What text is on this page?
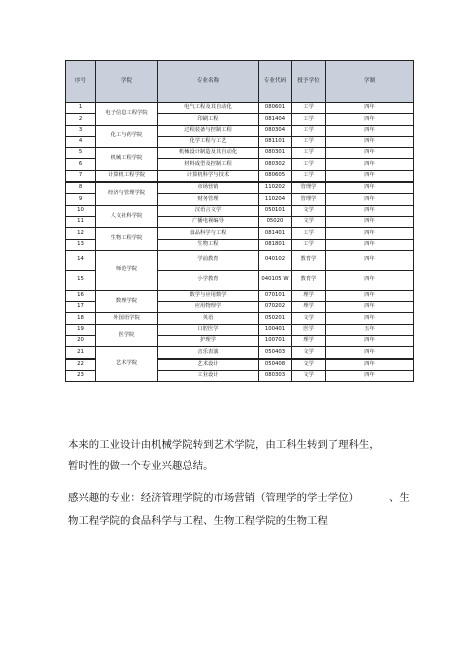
序号	学院	专业名称	专业代码	授予学位	学制
1	电子信息工程学院	电气工程及其自动化	080601	工学	四年
2		印刷工程	081404	工学	四年
3	化工与药学院	过程装备与控制工程	080304	工学	四年
4		化学工程与工艺	081101	工学	四年
5	机械工程学院	机械设计制造及其自动化	080301	工学	四年
6		材料成型及控制工程	080302	工学	四年
7	计算机工程学院	计算机科学与技术	080605	工学	四年
8	经济与管理学院	市场营销	110202	管理学	四年
9		财务管理	110204	管理学	四年
10	人文社科学院	汉语言文学	050101	文学	四年
11		广播电视编导	05020	文学	四年
12	生物工程学院	食品科学与工程	081401	工学	四年
13		生物工程	081801	工学	四年
14	师范学院	学前教育	040102	教育学	四年
15		小学教育	040105 W	教育学	四年
16	数理学院	数学与应用数学	070101	理学	四年
17		应用物理学	070202	理学	四年
18	外国语学院	英语	050201	文学	四年
19	医学院	口腔医学	100401	医学	五年
20		护理学	100701	理学	四年
21	艺术学院	音乐表演	050403	文学	四年
22		艺术设计	050408	文学	四年
23		工业设计	080303	文学	四年

本来的工业设计由机械学院转到艺术学院，由工科生转到了理科生，

暂时性的做一个专业兴趣总结。

感兴趣的专业：经济管理学院的市场营销（管理学的学士学位）	、生

物工程学院的食品科学与工程、生物工程学院的生物工程
